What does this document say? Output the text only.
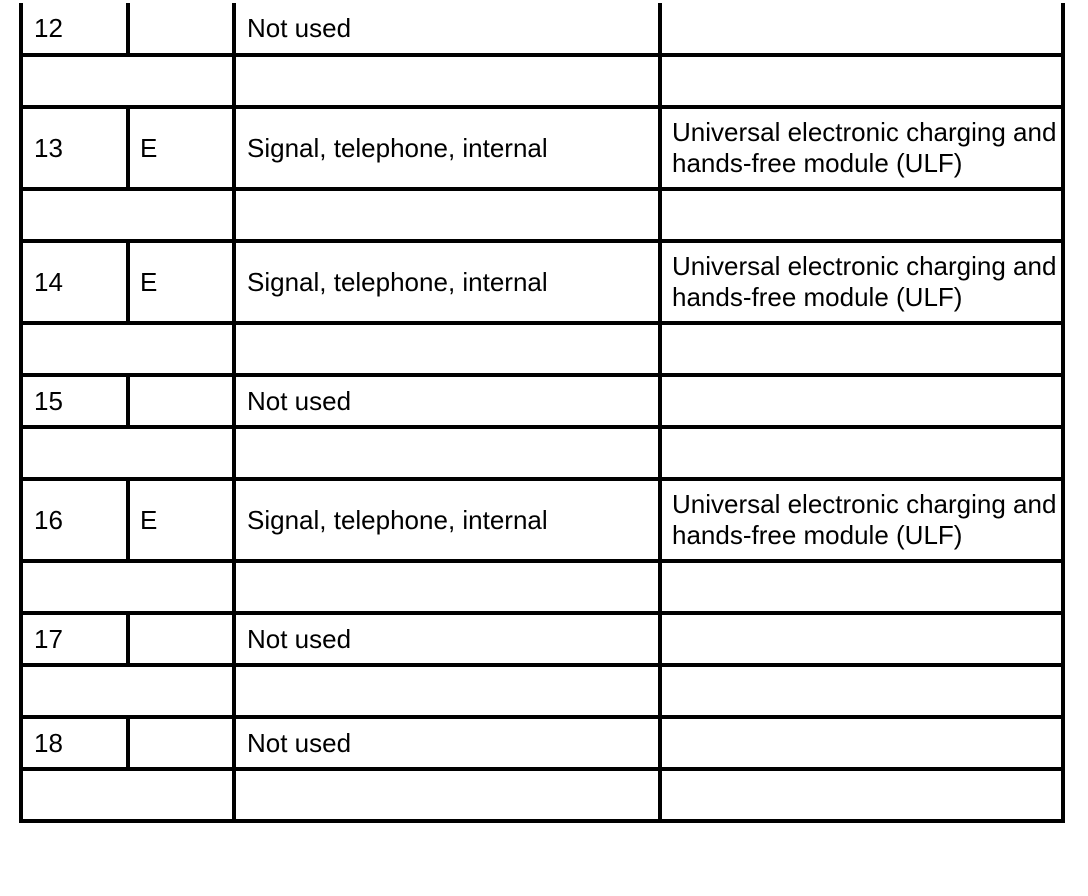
12		Not used	

13	E	Signal, telephone, internal	Universal electronic charging and
hands-free module (ULF)

14	E	Signal, telephone, internal	Universal electronic charging and
hands-free module (ULF)

15		Not used	

16	E	Signal, telephone, internal	Universal electronic charging and
hands-free module (ULF)

17		Not used	

18		Not used	
